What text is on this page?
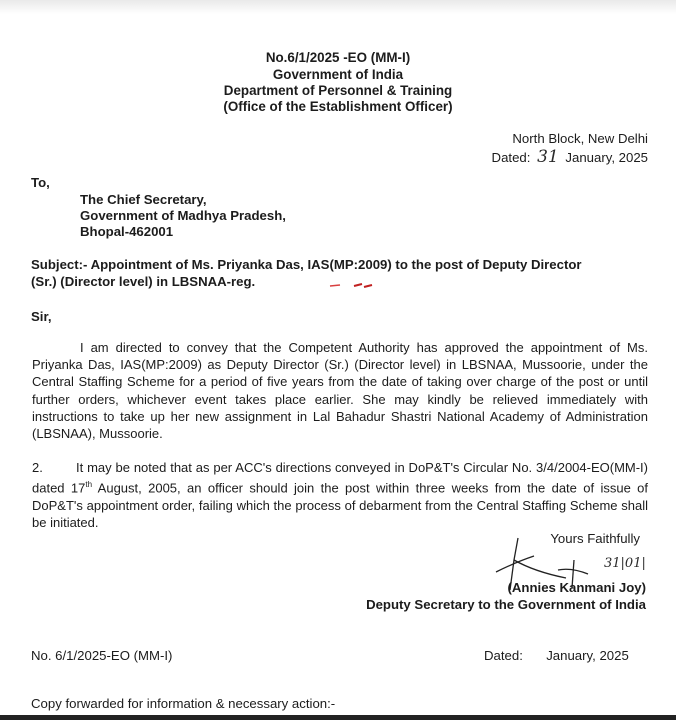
No.6/1/2025 -EO (MM-I)
Government of India
Department of Personnel & Training
(Office of the Establishment Officer)
North Block, New Delhi
Dated: 31 January, 2025
To,
The Chief Secretary,
Government of Madhya Pradesh,
Bhopal-462001
Subject:- Appointment of Ms. Priyanka Das, IAS(MP:2009) to the post of Deputy Director
(Sr.) (Director level) in LBSNAA-reg.
Sir,
I am directed to convey that the Competent Authority has approved the appointment of Ms. Priyanka Das, IAS(MP:2009) as Deputy Director (Sr.) (Director level) in LBSNAA, Mussoorie, under the Central Staffing Scheme for a period of five years from the date of taking over charge of the post or until further orders, whichever event takes place earlier. She may kindly be relieved immediately with instructions to take up her new assignment in Lal Bahadur Shastri National Academy of Administration (LBSNAA), Mussoorie.
2.	It may be noted that as per ACC's directions conveyed in DoP&T's Circular No. 3/4/2004-EO(MM-I) dated 17th August, 2005, an officer should join the post within three weeks from the date of issue of DoP&T's appointment order, failing which the process of debarment from the Central Staffing Scheme shall be initiated.
Yours Faithfully
31|01|
(Annies Kanmani Joy)
Deputy Secretary to the Government of India
No. 6/1/2025-EO (MM-I)	Dated: January, 2025
Copy forwarded for information & necessary action:-
